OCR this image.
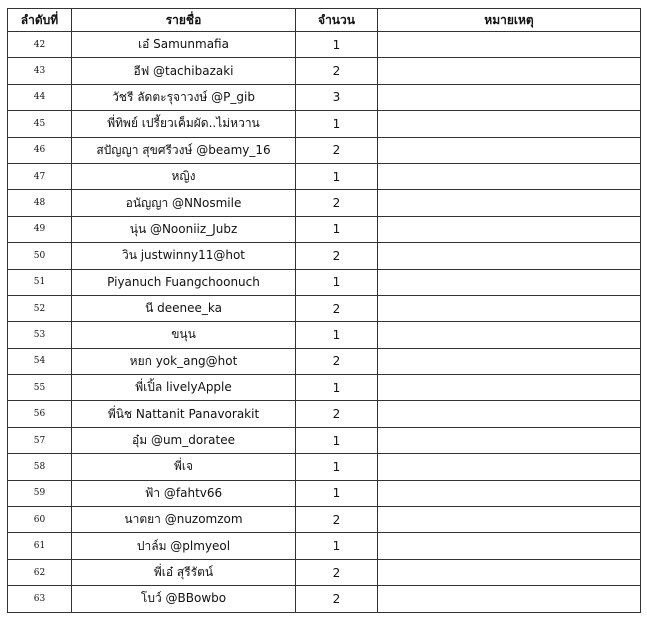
ลำดับที่	รายชื่อ	จำนวน	หมายเหตุ
42	เอ๋ Samunmafia	1	
43	อีฟ @tachibazaki	2	
44	วัชรี ลัดตะรุจาวงษ์ @P_gib	3	
45	พี่ทิพย์ เปรี้ยวเค็มผัด..ไม่หวาน	1	
46	สปัญญา สุขศรีวงษ์ @beamy_16	2	
47	หญิง	1	
48	อนัญญา @NNosmile	2	
49	นุ่น @Nooniiz_Jubz	1	
50	วิน justwinny11@hot	2	
51	Piyanuch Fuangchoonuch	1	
52	นี deenee_ka	2	
53	ขนุน	1	
54	หยก yok_ang@hot	2	
55	พี่เปิ้ล livelyApple	1	
56	พี่นิช Nattanit Panavorakit	2	
57	อุ๋ม @um_doratee	1	
58	พี่เจ	1	
59	ฟ้า @fahtv66	1	
60	นาตยา @nuzomzom	2	
61	ปาล์ม @plmyeol	1	
62	พี่เอ๋ สุรีรัตน์	2	
63	โบว์ @BBowbo	2	
